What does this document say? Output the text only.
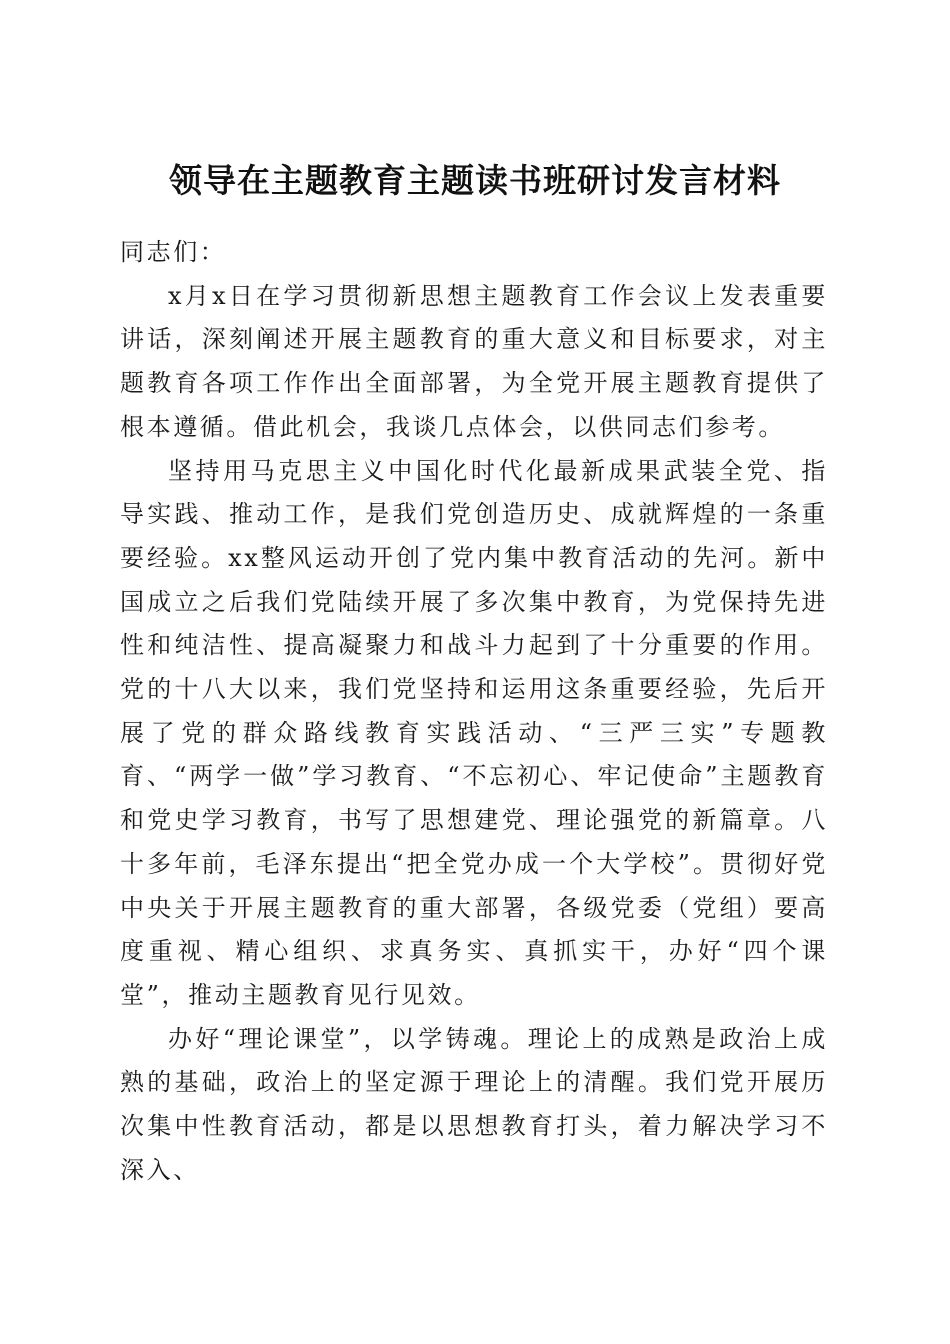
领导在主题教育主题读书班研讨发言材料

同志们：

x月x日在学习贯彻新思想主题教育工作会议上发表重要讲话，深刻阐述开展主题教育的重大意义和目标要求，对主题教育各项工作作出全面部署，为全党开展主题教育提供了根本遵循。借此机会，我谈几点体会，以供同志们参考。

坚持用马克思主义中国化时代化最新成果武装全党、指导实践、推动工作，是我们党创造历史、成就辉煌的一条重要经验。xx整风运动开创了党内集中教育活动的先河。新中国成立之后我们党陆续开展了多次集中教育，为党保持先进性和纯洁性、提高凝聚力和战斗力起到了十分重要的作用。党的十八大以来，我们党坚持和运用这条重要经验，先后开展了党的群众路线教育实践活动、“三严三实”专题教育、“两学一做”学习教育、“不忘初心、牢记使命”主题教育和党史学习教育，书写了思想建党、理论强党的新篇章。八十多年前，毛泽东提出“把全党办成一个大学校”。贯彻好党中央关于开展主题教育的重大部署，各级党委（党组）要高度重视、精心组织、求真务实、真抓实干，办好“四个课堂”，推动主题教育见行见效。

办好“理论课堂”，以学铸魂。理论上的成熟是政治上成熟的基础，政治上的坚定源于理论上的清醒。我们党开展历次集中性教育活动，都是以思想教育打头，着力解决学习不深入、
